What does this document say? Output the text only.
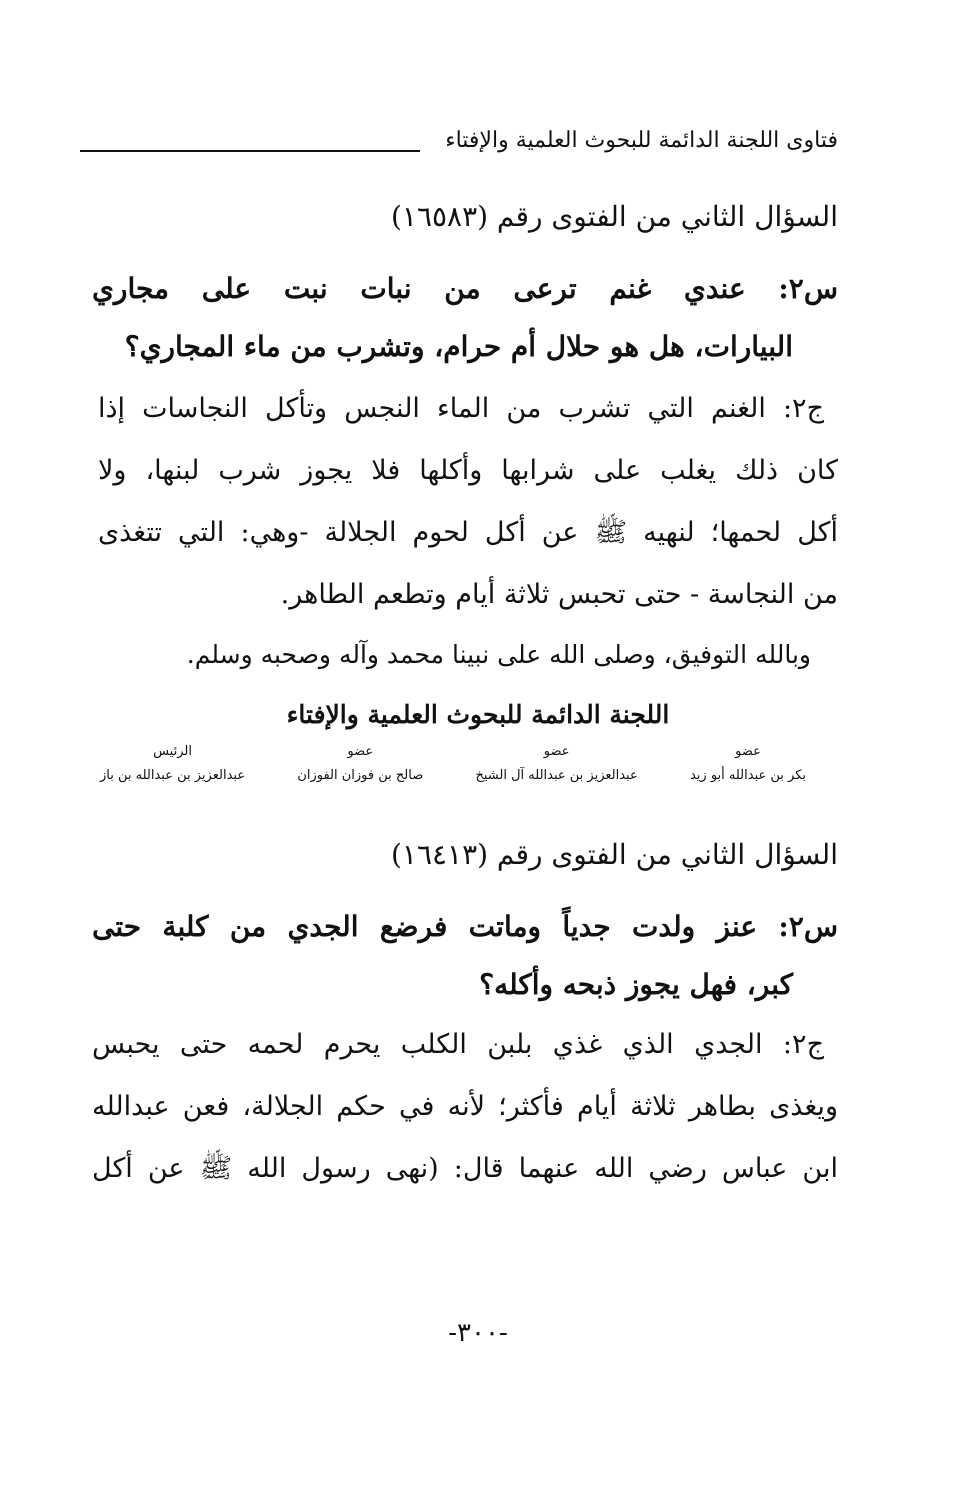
فتاوى اللجنة الدائمة للبحوث العلمية والإفتاء
السؤال الثاني من الفتوى رقم (١٦٥٨٣)
س٢: عندي غنم ترعى من نبات نبت على مجاري
البيارات، هل هو حلال أم حرام، وتشرب من ماء المجاري؟
ج٢: الغنم التي تشرب من الماء النجس وتأكل النجاسات إذا
كان ذلك يغلب على شرابها وأكلها فلا يجوز شرب لبنها، ولا
أكل لحمها؛ لنهيه ﷺ عن أكل لحوم الجلالة -وهي: التي تتغذى
من النجاسة - حتى تحبس ثلاثة أيام وتطعم الطاهر.
وبالله التوفيق، وصلى الله على نبينا محمد وآله وصحبه وسلم.
اللجنة الدائمة للبحوث العلمية والإفتاء
عضو
بكر بن عبدالله أبو زيد
عضو
عبدالعزيز بن عبدالله آل الشيخ
عضو
صالح بن فوزان الفوزان
الرئيس
عبدالعزيز بن عبدالله بن باز
السؤال الثاني من الفتوى رقم (١٦٤١٣)
س٢: عنز ولدت جدياً وماتت فرضع الجدي من كلبة حتى
كبر، فهل يجوز ذبحه وأكله؟
ج٢: الجدي الذي غذي بلبن الكلب يحرم لحمه حتى يحبس
ويغذى بطاهر ثلاثة أيام فأكثر؛ لأنه في حكم الجلالة، فعن عبدالله
ابن عباس رضي الله عنهما قال: (نهى رسول الله ﷺ عن أكل
-٣٠٠-
